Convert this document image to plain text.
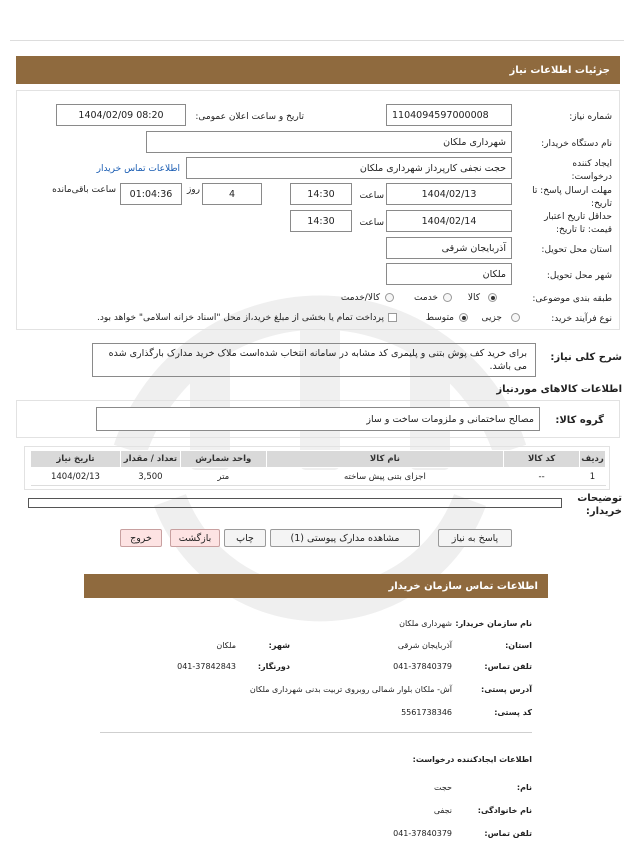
جزئیات اطلاعات نیاز
شماره نیاز:
1104094597000008
تاریخ و ساعت اعلان عمومی:
1404/02/09 08:20
نام دستگاه خریدار:
شهرداری ملکان
ایجاد کننده درخواست:
حجت نجفی کارپرداز شهرداری ملکان
اطلاعات تماس خریدار
مهلت ارسال پاسخ: تا تاریخ:
1404/02/13
ساعت
14:30
4
روز
01:04:36
ساعت باقی‌مانده
حداقل تاریخ اعتبار قیمت: تا تاریخ:
1404/02/14
ساعت
14:30
استان محل تحویل:
آذربایجان شرقی
شهر محل تحویل:
ملکان
طبقه بندی موضوعی:
کالا
خدمت
کالا/خدمت
نوع فرآیند خرید:
جزیی
متوسط
پرداخت تمام یا بخشی از مبلغ خرید،از محل "اسناد خزانه اسلامی" خواهد بود.
شرح کلی نیاز:
برای خرید کف پوش بتنی و پلیمری کد مشابه در سامانه انتخاب شده‌است ملاک خرید مدارک بارگذاری شده می باشد.
اطلاعات کالاهای موردنیاز
گروه کالا:
مصالح ساختمانی و ملزومات ساخت و ساز
ردیف	کد کالا	نام کالا	واحد شمارش	تعداد / مقدار	تاریخ نیاز
1	--	اجزای بتنی پیش ساخته	متر	3,500	1404/02/13
توضیحات خریدار:
پاسخ به نیاز
مشاهده مدارک پیوستی (1)
چاپ
بازگشت
خروج
اطلاعات تماس سازمان خریدار
نام سازمان خریدار:
شهرداری ملکان
استان:
آذربایجان شرقی
شهر:
ملکان
تلفن تماس:
041-37840379
دورنگار:
041-37842843
آدرس پستی:
آش- ملکان بلوار شمالی روبروی تربیت بدنی شهرداری ملکان
کد پستی:
5561738346
اطلاعات ایجادکننده درخواست:
نام:
حجت
نام خانوادگی:
نجفی
تلفن تماس:
041-37840379
